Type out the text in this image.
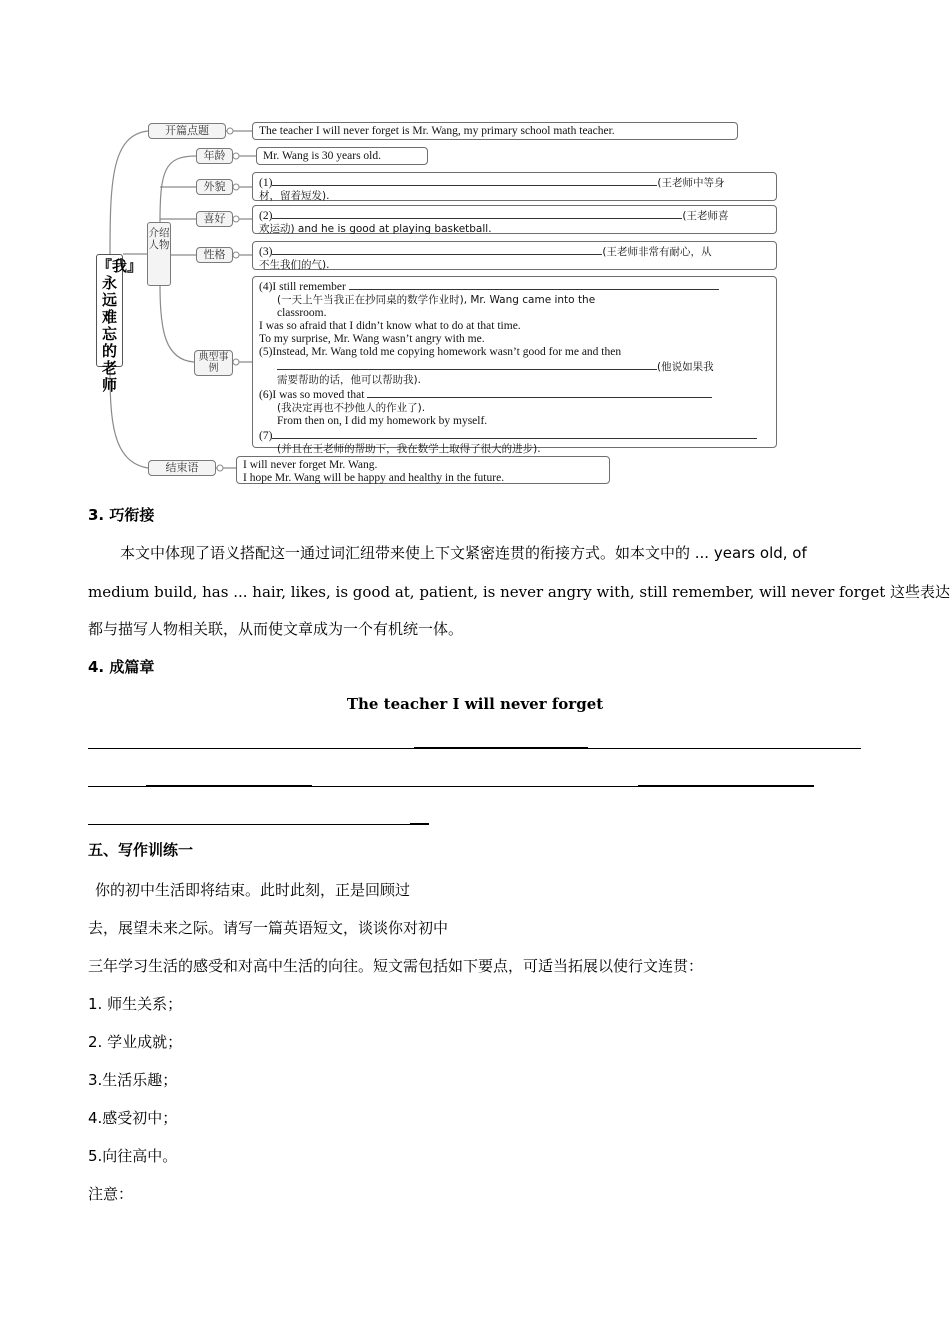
『我』永远难忘的老师
介绍人物
开篇点题
年龄
外貌
喜好
性格
典型事例
结束语
The teacher I will never forget is Mr. Wang, my primary school math teacher.
Mr. Wang is 30 years old.
(1)	(王老师中等身
材，留着短发).
(2)	(王老师喜
欢运动) and he is good at playing basketball.
(3)	(王老师非常有耐心，从
不生我们的气).
(4)I still remember
(一天上午当我正在抄同桌的数学作业时), Mr. Wang came into the
classroom.
I was so afraid that I didn’t know what to do at that time.
To my surprise, Mr. Wang wasn’t angry with me.
(5)Instead, Mr. Wang told me copying homework wasn’t good for me and then
(他说如果我
需要帮助的话，他可以帮助我).
(6)I was so moved that
(我决定再也不抄他人的作业了).
From then on, I did my homework by myself.
(7)
(并且在王老师的帮助下，我在数学上取得了很大的进步).
I will never forget Mr. Wang.
I hope Mr. Wang will be happy and healthy in the future.
3. 巧衔接
本文中体现了语义搭配这一通过词汇纽带来使上下文紧密连贯的衔接方式。如本文中的 ... years old, of
medium build, has ... hair, likes, is good at, patient, is never angry with, still remember, will never forget 这些表达
都与描写人物相关联，从而使文章成为一个有机统一体。
4. 成篇章
The teacher I will never forget
五、写作训练一
你的初中生活即将结束。此时此刻，正是回顾过
去，展望未来之际。请写一篇英语短文，谈谈你对初中
三年学习生活的感受和对高中生活的向往。短文需包括如下要点，可适当拓展以使行文连贯：
1. 师生关系；
2. 学业成就；
3.生活乐趣；
4.感受初中；
5.向往高中。
注意：
